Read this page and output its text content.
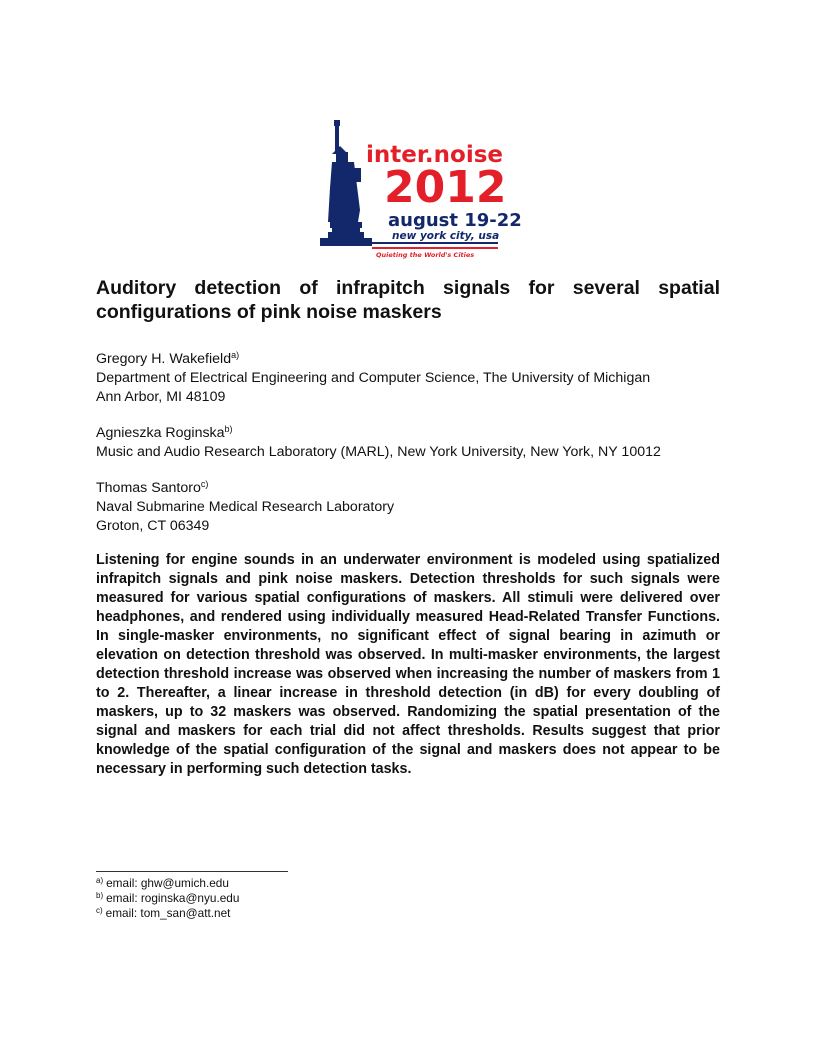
inter.noise
2012
august 19-22
new york city, usa
Quieting the World's Cities
Auditory detection of infrapitch signals for several spatial configurations of pink noise maskers
Gregory H. Wakefield$^{a)}$
Department of Electrical Engineering and Computer Science, The University of Michigan
Ann Arbor, MI 48109
Agnieszka Roginska$^{b)}$
Music and Audio Research Laboratory (MARL), New York University, New York, NY 10012
Thomas Santoro$^{c)}$
Naval Submarine Medical Research Laboratory
Groton, CT 06349

Listening for engine sounds in an underwater environment is modeled using spatialized infrapitch signals and pink noise maskers. Detection thresholds for such signals were measured for various spatial configurations of maskers. All stimuli were delivered over headphones, and rendered using individually measured Head-Related Transfer Functions. In single-masker environments, no significant effect of signal bearing in azimuth or elevation on detection threshold was observed. In multi-masker environments, the largest detection threshold increase was observed when increasing the number of maskers from 1 to 2. Thereafter, a linear increase in threshold detection (in dB) for every doubling of maskers, up to 32 maskers was observed. Randomizing the spatial presentation of the signal and maskers for each trial did not affect thresholds. Results suggest that prior knowledge of the spatial configuration of the signal and maskers does not appear to be necessary in performing such detection tasks.

$^{a)}$ email: ghw@umich.edu
$^{b)}$ email: roginska@nyu.edu
$^{c)}$ email: tom_san@att.net
